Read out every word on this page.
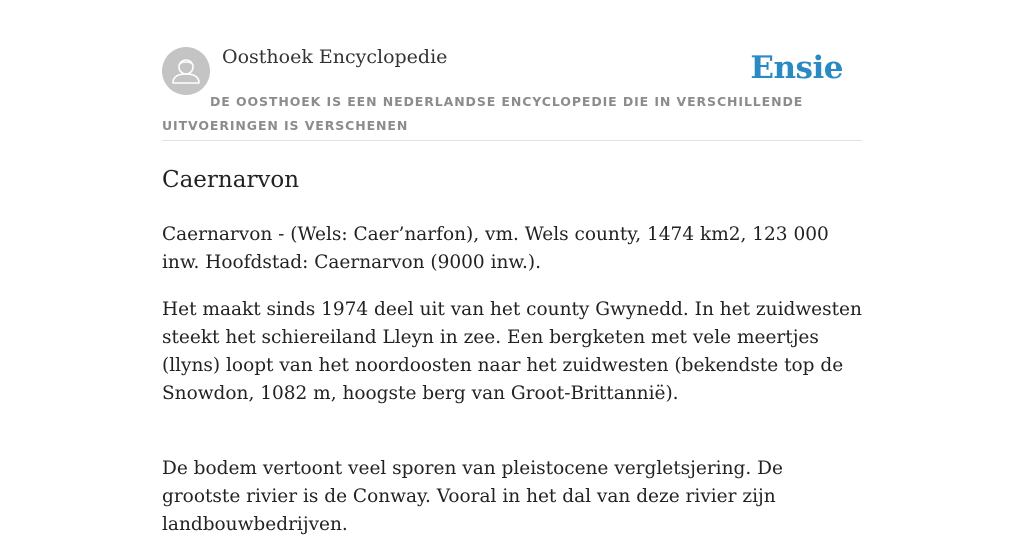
Oosthoek Encyclopedie	Ensie
DE OOSTHOEK IS EEN NEDERLANDSE ENCYCLOPEDIE DIE IN VERSCHILLENDE UITVOERINGEN IS VERSCHENEN
Caernarvon

Caernarvon - (Wels: Caer’narfon), vm. Wels county, 1474 km2, 123 000 inw. Hoofdstad: Caernarvon (9000 inw.).

Het maakt sinds 1974 deel uit van het county Gwynedd. In het zuidwesten steekt het schiereiland Lleyn in zee. Een bergketen met vele meertjes (llyns) loopt van het noordoosten naar het zuidwesten (bekendste top de Snowdon, 1082 m, hoogste berg van Groot-Brittannië).

De bodem vertoont veel sporen van pleistocene vergletsjering. De grootste rivier is de Conway. Vooral in het dal van deze rivier zijn landbouwbedrijven.
